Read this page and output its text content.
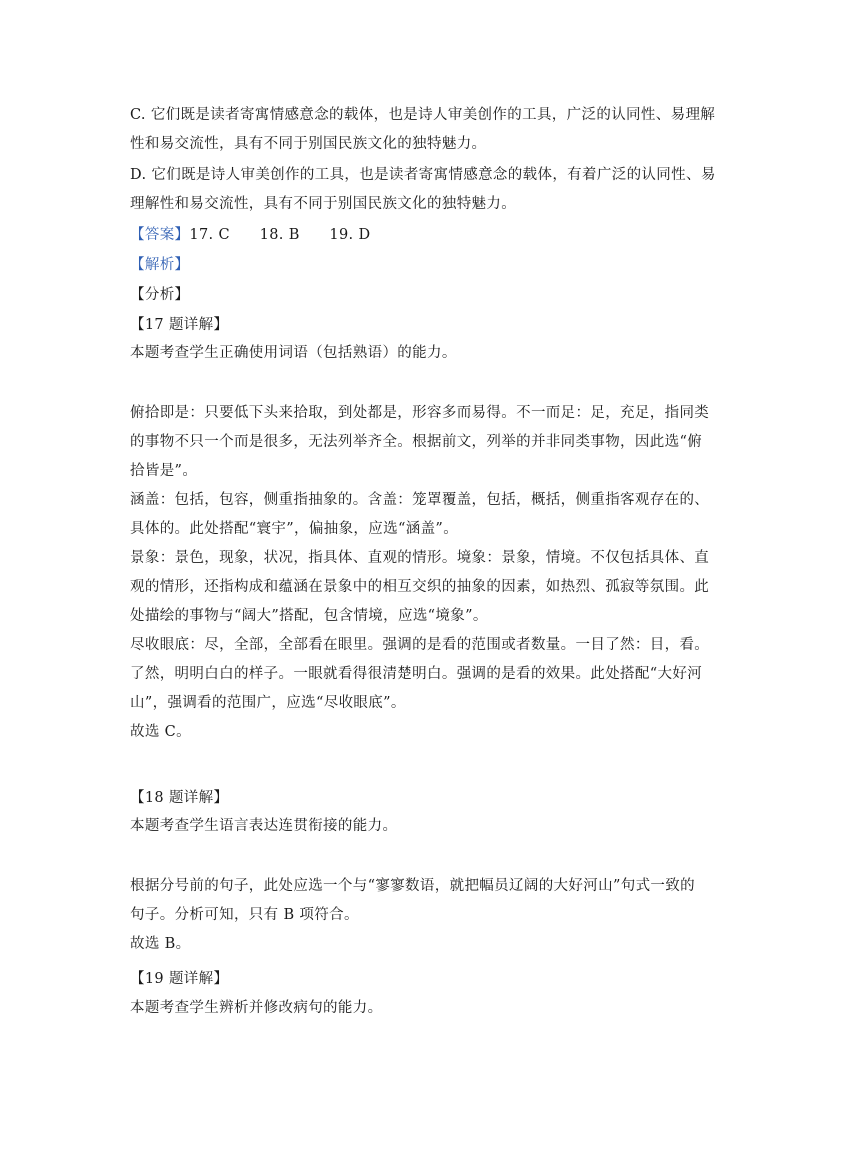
C. 它们既是读者寄寓情感意念的载体，也是诗人审美创作的工具，广泛的认同性、易理解
性和易交流性，具有不同于别国民族文化的独特魅力。
D. 它们既是诗人审美创作的工具，也是读者寄寓情感意念的载体，有着广泛的认同性、易
理解性和易交流性，具有不同于别国民族文化的独特魅力。
【答案】17. C　　18. B　　19. D
【解析】
【分析】
【17 题详解】
本题考查学生正确使用词语（包括熟语）的能力。
俯拾即是：只要低下头来拾取，到处都是，形容多而易得。不一而足：足，充足，指同类
的事物不只一个而是很多，无法列举齐全。根据前文，列举的并非同类事物，因此选“俯
拾皆是”。
涵盖：包括，包容，侧重指抽象的。含盖：笼罩覆盖，包括，概括，侧重指客观存在的、
具体的。此处搭配“寰宇”，偏抽象，应选“涵盖”。
景象：景色，现象，状况，指具体、直观的情形。境象：景象，情境。不仅包括具体、直
观的情形，还指构成和蕴涵在景象中的相互交织的抽象的因素，如热烈、孤寂等氛围。此
处描绘的事物与“阔大”搭配，包含情境，应选“境象”。
尽收眼底：尽，全部，全部看在眼里。强调的是看的范围或者数量。一目了然：目，看。
了然，明明白白的样子。一眼就看得很清楚明白。强调的是看的效果。此处搭配“大好河
山”，强调看的范围广，应选“尽收眼底”。
故选 C。
【18 题详解】
本题考查学生语言表达连贯衔接的能力。
根据分号前的句子，此处应选一个与“寥寥数语，就把幅员辽阔的大好河山”句式一致的
句子。分析可知，只有 B 项符合。
故选 B。
【19 题详解】
本题考查学生辨析并修改病句的能力。
